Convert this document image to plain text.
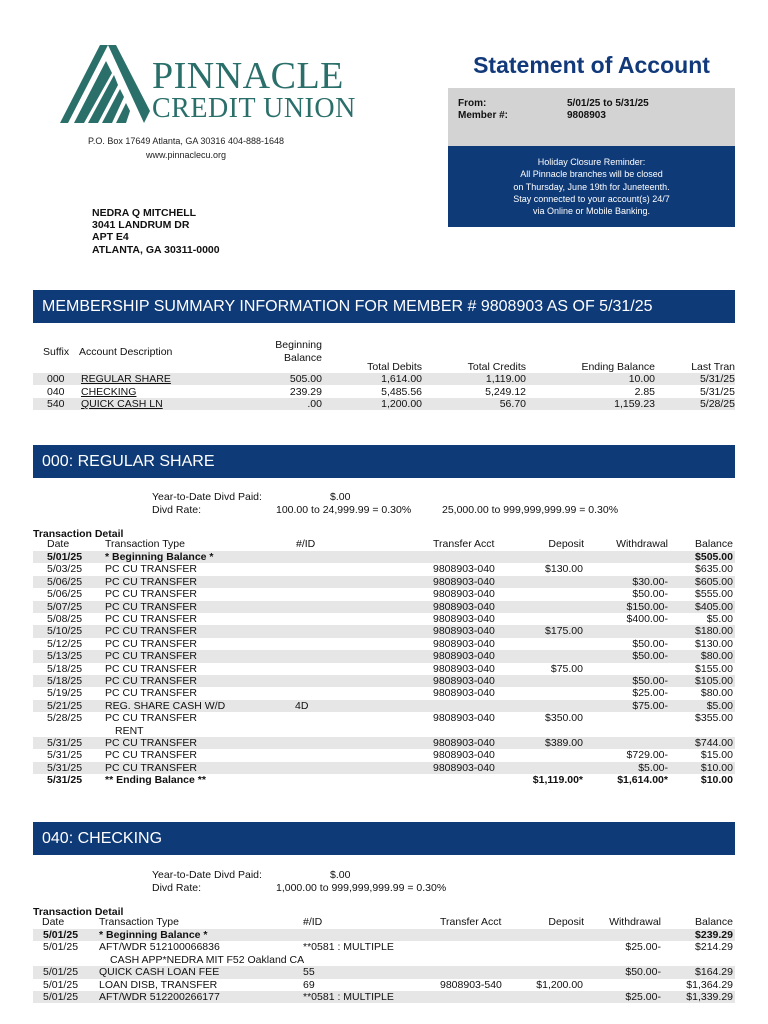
PINNACLE
CREDIT UNION
P.O. Box 17649 Atlanta, GA 30316 404-888-1648
www.pinnaclecu.org
Statement of Account
From:
Member #:
5/01/25 to 5/31/25
9808903
Holiday Closure Reminder:
All Pinnacle branches will be closed
on Thursday, June 19th for Juneteenth.
Stay connected to your account(s) 24/7
via Online or Mobile Banking.
NEDRA Q MITCHELL
3041 LANDRUM DR
APT E4
ATLANTA, GA 30311-0000
MEMBERSHIP SUMMARY INFORMATION FOR MEMBER # 9808903 AS OF 5/31/25
Suffix Account Description
Beginning
Balance
Total Debits	Total Credits	Ending Balance	Last Tran
000 REGULAR SHARE	505.00	1,614.00	1,119.00	10.00	5/31/25
040 CHECKING	239.29	5,485.56	5,249.12	2.85	5/31/25
540 QUICK CASH LN	.00	1,200.00	56.70	1,159.23	5/28/25
000: REGULAR SHARE
Year-to-Date Divd Paid:	$.00
Divd Rate:	100.00 to 24,999.99 = 0.30%	25,000.00 to 999,999,999.99 = 0.30%
Transaction Detail
Date	Transaction Type	#/ID	Transfer Acct	Deposit	Withdrawal	Balance
5/01/25 * Beginning Balance *	$505.00
5/03/25 PC CU TRANSFER	9808903-040	$130.00	$635.00
5/06/25 PC CU TRANSFER	9808903-040	$30.00-	$605.00
5/06/25 PC CU TRANSFER	9808903-040	$50.00-	$555.00
5/07/25 PC CU TRANSFER	9808903-040	$150.00-	$405.00
5/08/25 PC CU TRANSFER	9808903-040	$400.00-	$5.00
5/10/25 PC CU TRANSFER	9808903-040	$175.00	$180.00
5/12/25 PC CU TRANSFER	9808903-040	$50.00-	$130.00
5/13/25 PC CU TRANSFER	9808903-040	$50.00-	$80.00
5/18/25 PC CU TRANSFER	9808903-040	$75.00	$155.00
5/18/25 PC CU TRANSFER	9808903-040	$50.00-	$105.00
5/19/25 PC CU TRANSFER	9808903-040	$25.00-	$80.00
5/21/25 REG. SHARE CASH W/D	4D	$75.00-	$5.00
5/28/25 PC CU TRANSFER	9808903-040	$350.00	$355.00
RENT
5/31/25 PC CU TRANSFER	9808903-040	$389.00	$744.00
5/31/25 PC CU TRANSFER	9808903-040	$729.00-	$15.00
5/31/25 PC CU TRANSFER	9808903-040	$5.00-	$10.00
5/31/25 ** Ending Balance **	$1,119.00*	$1,614.00*	$10.00
040: CHECKING
Year-to-Date Divd Paid:	$.00
Divd Rate:	1,000.00 to 999,999,999.99 = 0.30%
Transaction Detail
Date	Transaction Type	#/ID	Transfer Acct	Deposit	Withdrawal	Balance
5/01/25 * Beginning Balance *	$239.29
5/01/25 AFT/WDR 512100066836	**0581 : MULTIPLE	$25.00-	$214.29
CASH APP*NEDRA MIT F52 Oakland CA
5/01/25 QUICK CASH LOAN FEE	55	$50.00-	$164.29
5/01/25 LOAN DISB, TRANSFER	69	9808903-540	$1,200.00	$1,364.29
5/01/25 AFT/WDR 512200266177	**0581 : MULTIPLE	$25.00-	$1,339.29
